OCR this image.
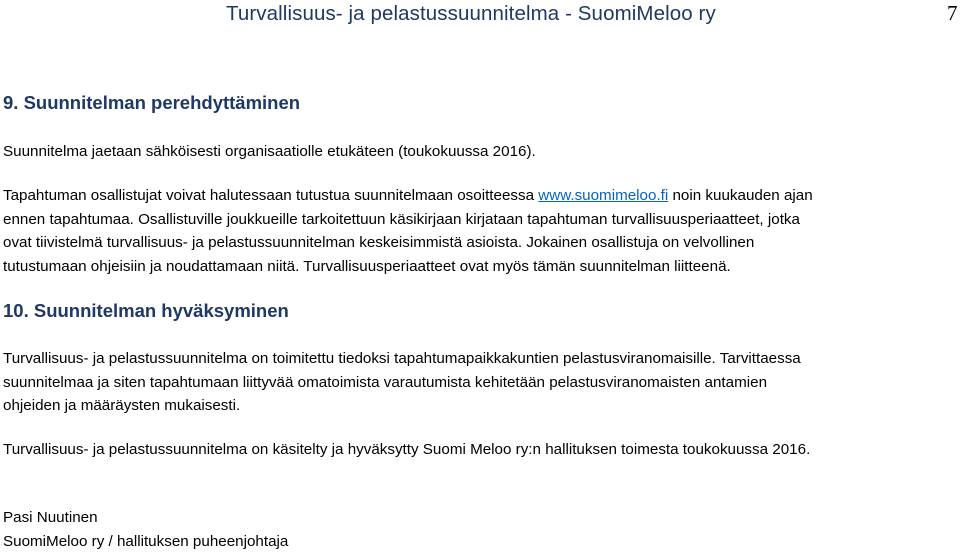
Turvallisuus- ja pelastussuunnitelma - SuomiMeloo ry	7
9. Suunnitelman perehdyttäminen

Suunnitelma jaetaan sähköisesti organisaatiolle etukäteen (toukokuussa 2016).

Tapahtuman osallistujat voivat halutessaan tutustua suunnitelmaan osoitteessa www.suomimeloo.fi noin kuukauden ajan
ennen tapahtumaa. Osallistuville joukkueille tarkoitettuun käsikirjaan kirjataan tapahtuman turvallisuusperiaatteet, jotka
ovat tiivistelmä turvallisuus- ja pelastussuunnitelman keskeisimmistä asioista. Jokainen osallistuja on velvollinen
tutustumaan ohjeisiin ja noudattamaan niitä. Turvallisuusperiaatteet ovat myös tämän suunnitelman liitteenä.

10. Suunnitelman hyväksyminen

Turvallisuus- ja pelastussuunnitelma on toimitettu tiedoksi tapahtumapaikkakuntien pelastusviranomaisille. Tarvittaessa
suunnitelmaa ja siten tapahtumaan liittyvää omatoimista varautumista kehitetään pelastusviranomaisten antamien
ohjeiden ja määräysten mukaisesti.

Turvallisuus- ja pelastussuunnitelma on käsitelty ja hyväksytty Suomi Meloo ry:n hallituksen toimesta toukokuussa 2016.

Pasi Nuutinen
SuomiMeloo ry / hallituksen puheenjohtaja
